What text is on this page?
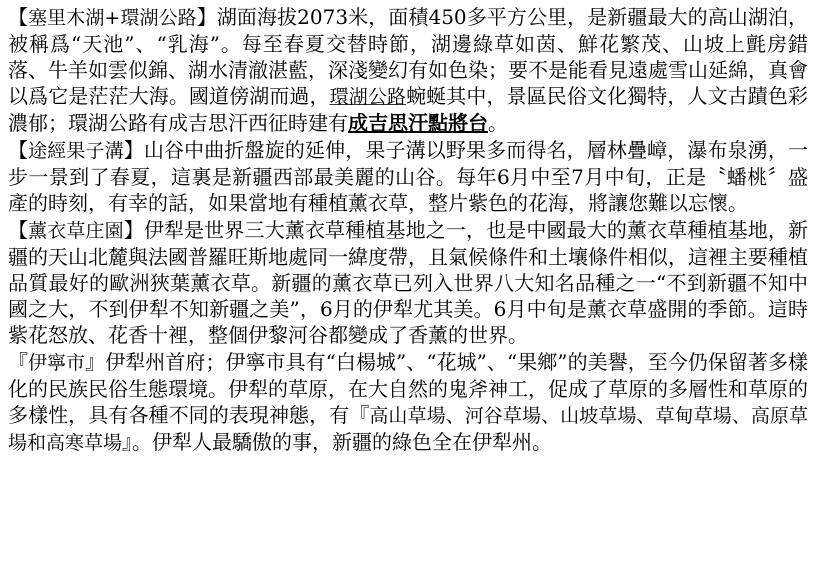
【塞里木湖+環湖公路】湖面海拔2073米，面積450多平方公里，是新疆最大的高山湖泊，被稱爲“天池”、“乳海”。每至春夏交替時節，湖邊綠草如茵、鮮花繁茂、山坡上氈房錯落、牛羊如雲似錦、湖水清澈湛藍，深淺變幻有如色染；要不是能看見遠處雪山延綿，真會以爲它是茫茫大海。國道傍湖而過，環湖公路蜿蜒其中，景區民俗文化獨特，人文古蹟色彩濃郁；環湖公路有成吉思汗西征時建有成吉思汗點將台。

【途經果子溝】山谷中曲折盤旋的延伸，果子溝以野果多而得名，層林疊嶂，瀑布泉湧，一步一景到了春夏，這裏是新疆西部最美麗的山谷。每年6月中至7月中旬，正是〝蟠桃〞盛產的時刻，有幸的話，如果當地有種植薰衣草，整片紫色的花海，將讓您難以忘懷。

【薰衣草庄園】伊犁是世界三大薰衣草種植基地之一，也是中國最大的薰衣草種植基地，新疆的天山北麓與法國普羅旺斯地處同一緯度帶，且氣候條件和土壤條件相似，這裡主要種植品質最好的歐洲狹葉薰衣草。新疆的薰衣草已列入世界八大知名品種之一“不到新疆不知中國之大，不到伊犁不知新疆之美”，6月的伊犁尤其美。6月中旬是薰衣草盛開的季節。這時紫花怒放、花香十裡，整個伊黎河谷都變成了香薰的世界。

『伊寧市』伊犁州首府；伊寧市具有“白楊城”、“花城”、“果鄉”的美譽，至今仍保留著多樣化的民族民俗生態環境。伊犁的草原，在大自然的鬼斧神工，促成了草原的多層性和草原的多樣性，具有各種不同的表現神態，有『高山草場、河谷草場、山坡草場、草甸草場、高原草場和高寒草場』。伊犁人最驕傲的事，新疆的綠色全在伊犁州。
